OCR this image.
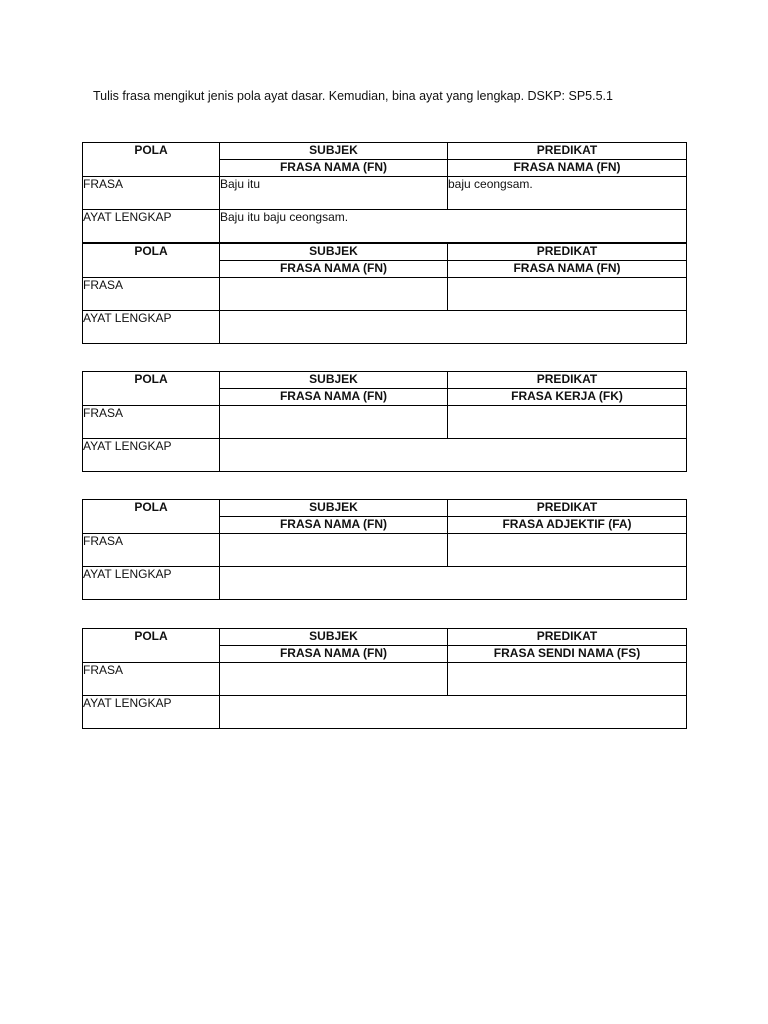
Tulis frasa mengikut jenis pola ayat dasar. Kemudian, bina ayat yang lengkap. DSKP: SP5.5.1
POLA	SUBJEK	PREDIKAT
	FRASA NAMA (FN)	FRASA NAMA (FN)
FRASA	Baju itu	baju ceongsam.
AYAT LENGKAP	Baju itu baju ceongsam.	
POLA	SUBJEK	PREDIKAT
	FRASA NAMA (FN)	FRASA NAMA (FN)
FRASA		
AYAT LENGKAP		
POLA	SUBJEK	PREDIKAT
	FRASA NAMA (FN)	FRASA KERJA (FK)
FRASA		
AYAT LENGKAP		
POLA	SUBJEK	PREDIKAT
	FRASA NAMA (FN)	FRASA ADJEKTIF (FA)
FRASA		
AYAT LENGKAP		
POLA	SUBJEK	PREDIKAT
	FRASA NAMA (FN)	FRASA SENDI NAMA (FS)
FRASA		
AYAT LENGKAP		
